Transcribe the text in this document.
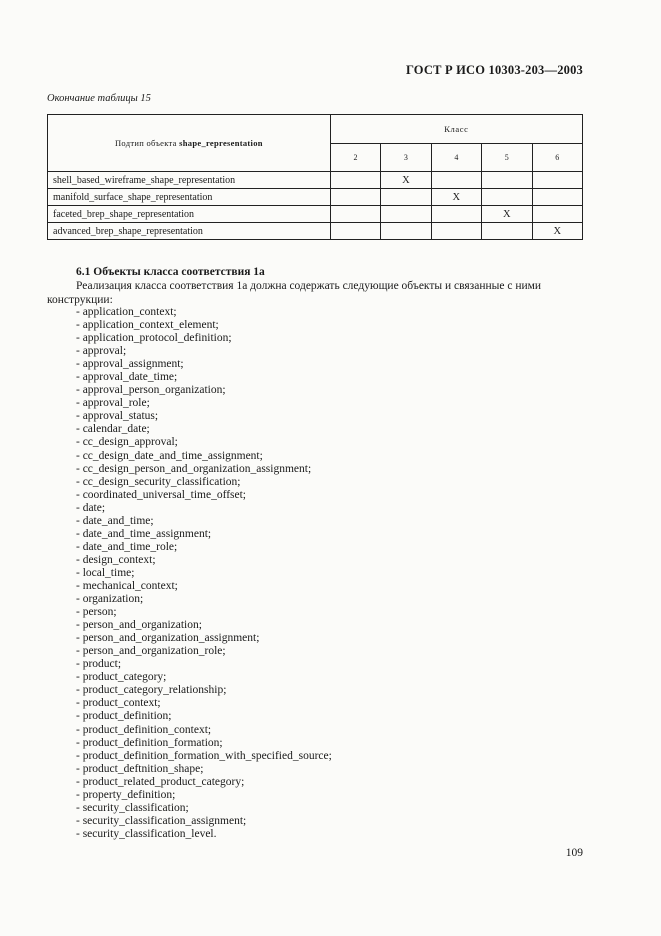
ГОСТ Р ИСО 10303-203—2003
Окончание таблицы 15
Подтип объекта shape_representation	Класс				
	2	3	4	5	6
shell_based_wireframe_shape_representation		X			
manifold_surface_shape_representation			X		
faceted_brep_shape_representation				X	
advanced_brep_shape_representation					X
6.1 Объекты класса соответствия 1а
Реализация класса соответствия 1а должна содержать следующие объекты и связанные с ними конструкции:
- application_context;
- application_context_element;
- application_protocol_definition;
- approval;
- approval_assignment;
- approval_date_time;
- approval_person_organization;
- approval_role;
- approval_status;
- calendar_date;
- cc_design_approval;
- cc_design_date_and_time_assignment;
- cc_design_person_and_organization_assignment;
- cc_design_security_classification;
- coordinated_universal_time_offset;
- date;
- date_and_time;
- date_and_time_assignment;
- date_and_time_role;
- design_context;
- local_time;
- mechanical_context;
- organization;
- person;
- person_and_organization;
- person_and_organization_assignment;
- person_and_organization_role;
- product;
- product_category;
- product_category_relationship;
- product_context;
- product_definition;
- product_definition_context;
- product_definition_formation;
- product_definition_formation_with_specified_source;
- product_deftnition_shape;
- product_related_product_category;
- property_definition;
- security_classification;
- security_classification_assignment;
- security_classification_level.
109
